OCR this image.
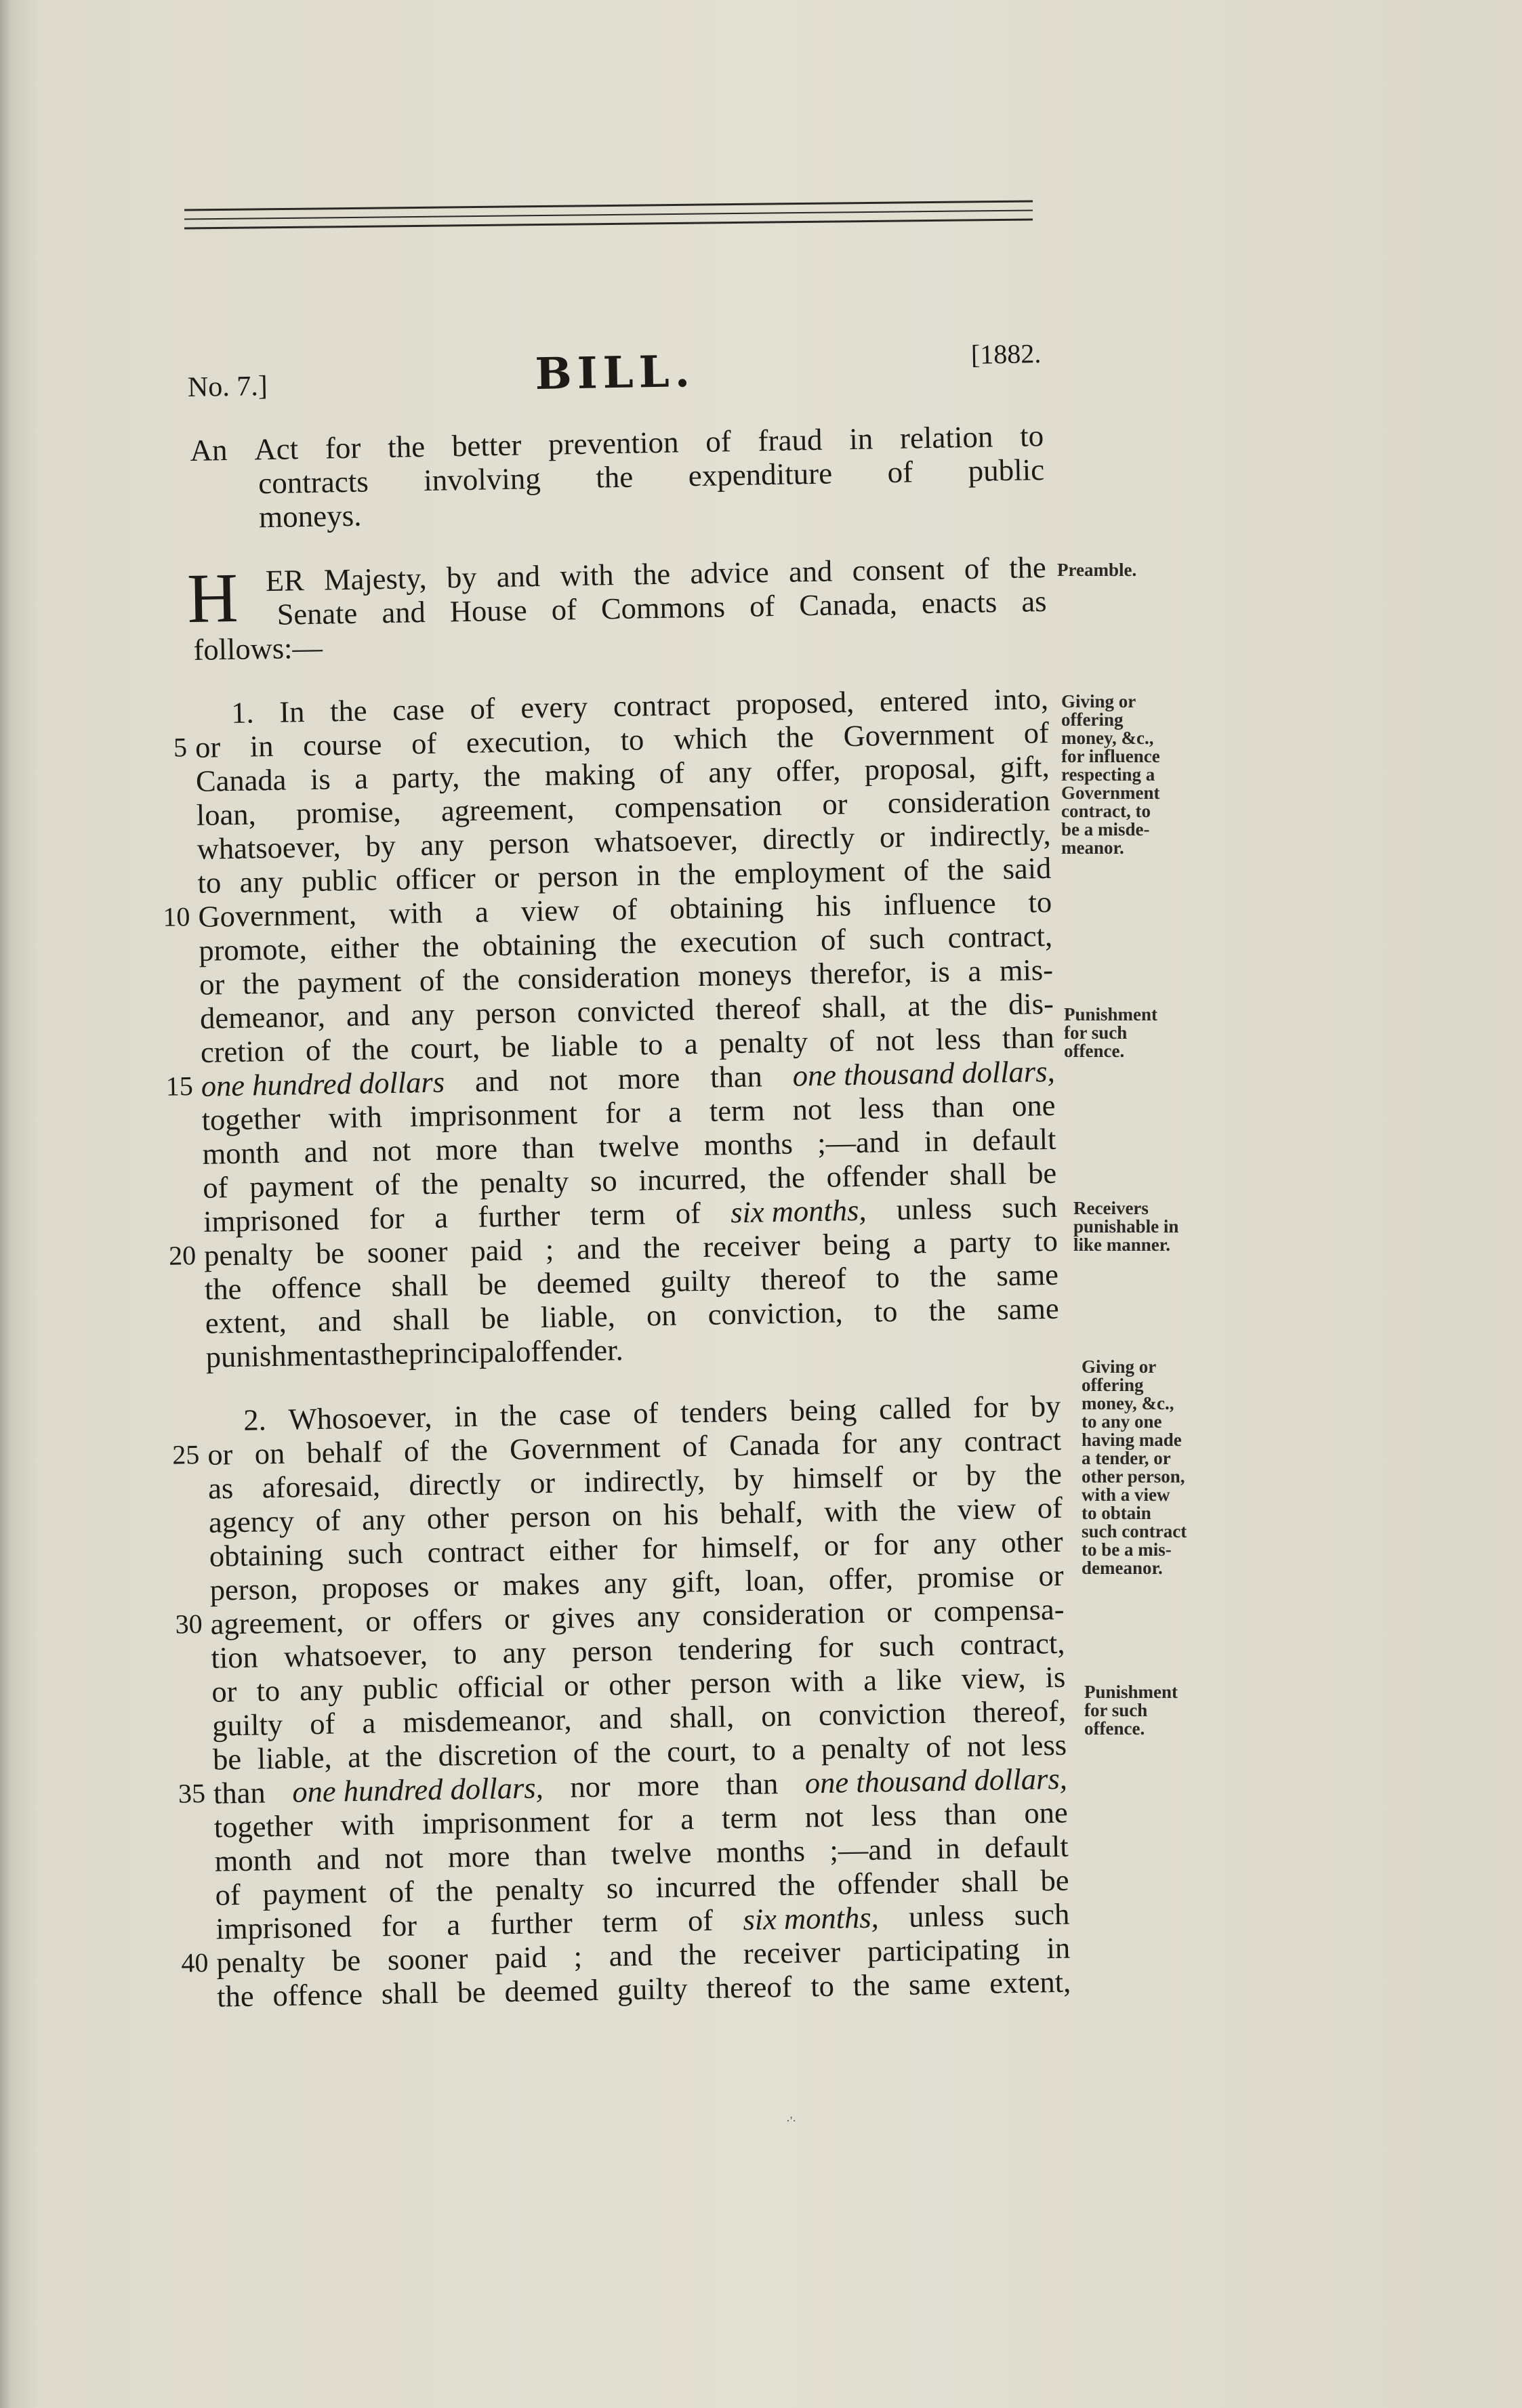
No. 7.]	BILL.	[1882.
An Act for the better prevention of fraud in relation to
contracts involving the expenditure of public
moneys.
H ER Majesty, by and with the advice and consent of the
Senate and House of Commons of Canada, enacts as
follows :—
1. In the case of every contract proposed, entered into,
5 or in course of execution, to which the Government of
Canada is a party, the making of any offer, proposal, gift,
loan, promise, agreement, compensation or consideration
whatsoever, by any person whatsoever, directly or indirectly,
to any public officer or person in the employment of the said
10 Government, with a view of obtaining his influence to
promote, either the obtaining the execution of such contract,
or the payment of the consideration moneys therefor, is a mis-
demeanor, and any person convicted thereof shall, at the dis-
cretion of the court, be liable to a penalty of not less than
15 one hundred dollars and not more than one thousand dollars,
together with imprisonment for a term not less than one
month and not more than twelve months ;—and in default
of payment of the penalty so incurred, the offender shall be
imprisoned for a further term of six months, unless such
20 penalty be sooner paid ; and the receiver being a party to
the offence shall be deemed guilty thereof to the same
extent, and shall be liable, on conviction, to the same
punishment as the principal offender.
2. Whosoever, in the case of tenders being called for by
25 or on behalf of the Government of Canada for any contract
as aforesaid, directly or indirectly, by himself or by the
agency of any other person on his behalf, with the view of
obtaining such contract either for himself, or for any other
person, proposes or makes any gift, loan, offer, promise or
30 agreement, or offers or gives any consideration or compensa-
tion whatsoever, to any person tendering for such contract,
or to any public official or other person with a like view, is
guilty of a misdemeanor, and shall, on conviction thereof,
be liable, at the discretion of the court, to a penalty of not less
35 than one hundred dollars, nor more than one thousand dollars,
together with imprisonment for a term not less than one
month and not more than twelve months ;—and in default
of payment of the penalty so incurred the offender shall be
imprisoned for a further term of six months, unless such
40 penalty be sooner paid ; and the receiver participating in
the offence shall be deemed guilty thereof to the same extent,
Preamble.
Giving or
offering
money, &c.,
for influence
respecting a
Government
contract, to
be a misde-
meanor.
Punishment
for such
offence.
Receivers
punishable in
like manner.
Giving or
offering
money, &c.,
to any one
having made
a tender, or
other person,
with a view
to obtain
such contract
to be a mis-
demeanor.
Punishment
for such
offence.
·'·
